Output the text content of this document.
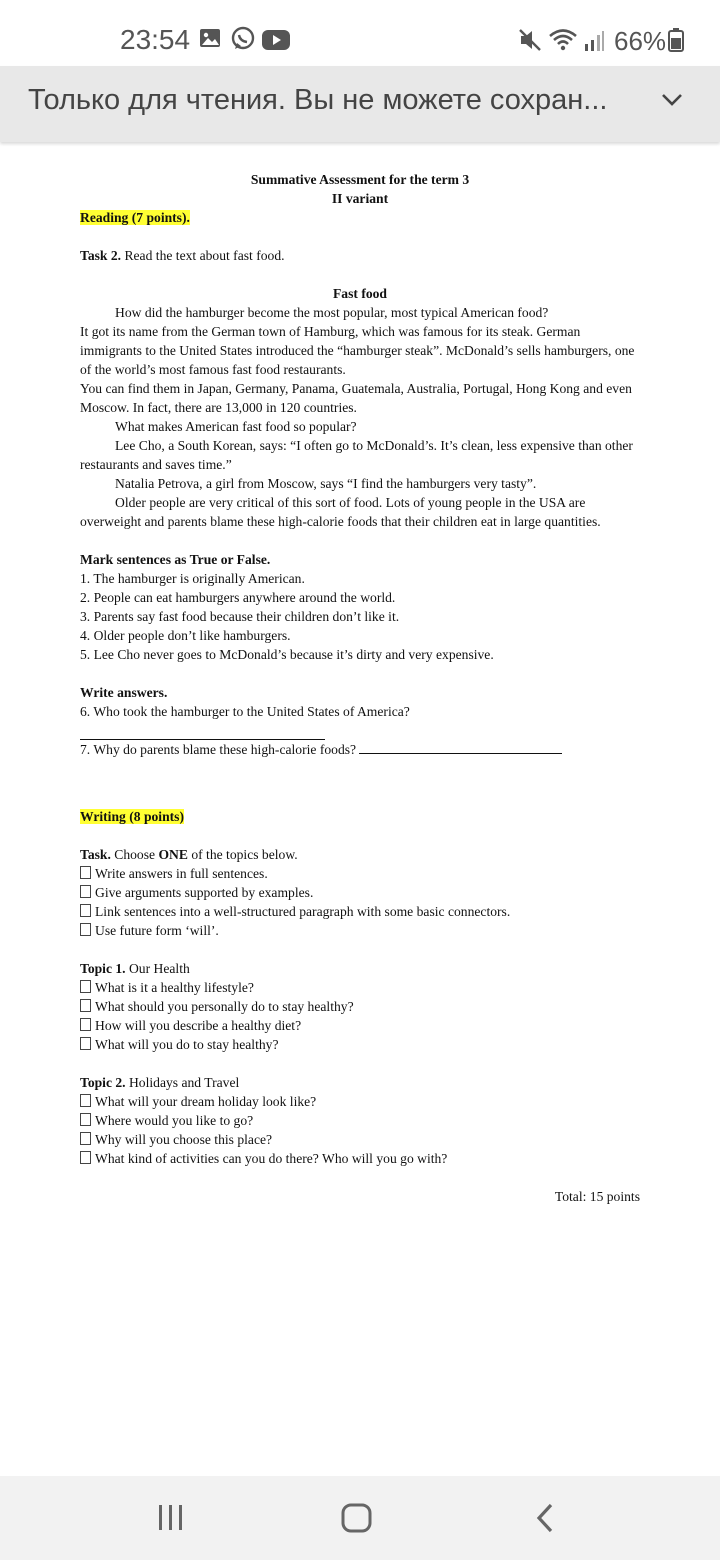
23:54	66%
Только для чтения. Вы не можете сохран...

Summative Assessment for the term 3

II variant

Reading (7 points).

Task 2. Read the text about fast food.

Fast food

How did the hamburger become the most popular, most typical American food?

It got its name from the German town of Hamburg, which was famous for its steak. German immigrants to the United States introduced the “hamburger steak”. McDonald’s sells hamburgers, one of the world’s most famous fast food restaurants.

You can find them in Japan, Germany, Panama, Guatemala, Australia, Portugal, Hong Kong and even Moscow. In fact, there are 13,000 in 120 countries.

What makes American fast food so popular?

Lee Cho, a South Korean, says: “I often go to McDonald’s. It’s clean, less expensive than other restaurants and saves time.”

Natalia Petrova, a girl from Moscow, says “I find the hamburgers very tasty”.

Older people are very critical of this sort of food. Lots of young people in the USA are overweight and parents blame these high-calorie foods that their children eat in large quantities.

Mark sentences as True or False.

1. The hamburger is originally American.

2. People can eat hamburgers anywhere around the world.

3. Parents say fast food because their children don’t like it.

4. Older people don’t like hamburgers.

5. Lee Cho never goes to McDonald’s because it’s dirty and very expensive.

Write answers.

6. Who took the hamburger to the United States of America?

7. Why do parents blame these high-calorie foods?

Writing (8 points)

Task. Choose ONE of the topics below.

Write answers in full sentences.

Give arguments supported by examples.

Link sentences into a well-structured paragraph with some basic connectors.

Use future form ‘will’.

Topic 1. Our Health

What is it a healthy lifestyle?

What should you personally do to stay healthy?

How will you describe a healthy diet?

What will you do to stay healthy?

Topic 2. Holidays and Travel

What will your dream holiday look like?

Where would you like to go?

Why will you choose this place?

What kind of activities can you do there? Who will you go with?

Total: 15 points
